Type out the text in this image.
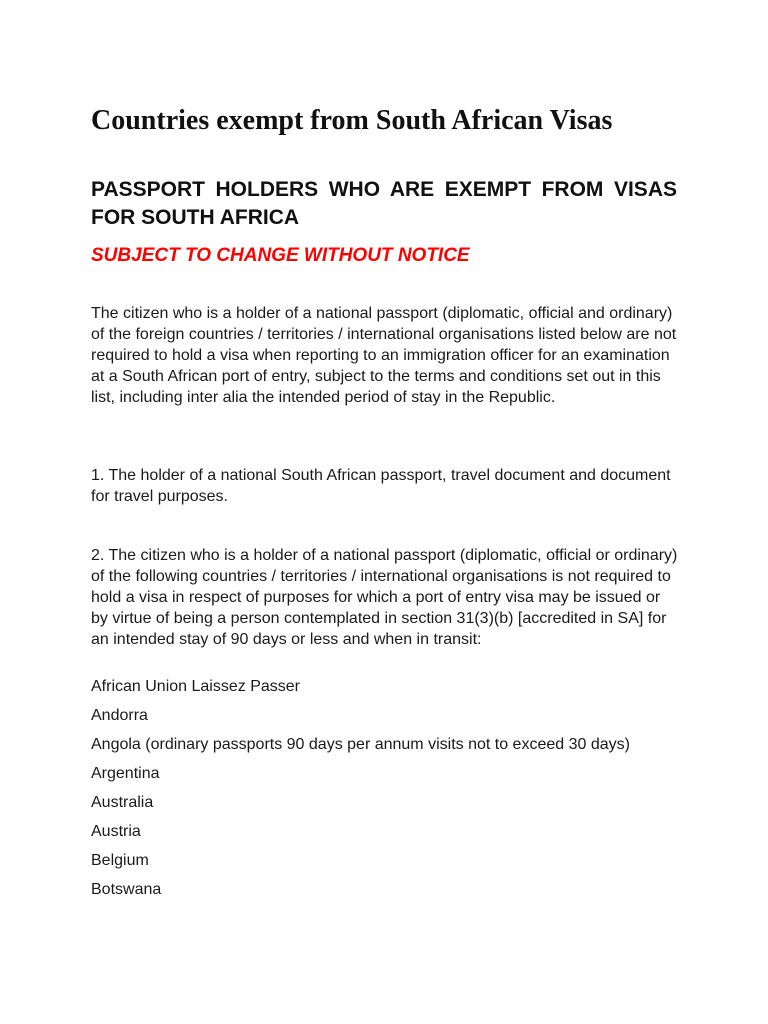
Countries exempt from South African Visas
PASSPORT HOLDERS WHO ARE EXEMPT FROM VISAS FOR SOUTH AFRICA

SUBJECT TO CHANGE WITHOUT NOTICE

The citizen who is a holder of a national passport (diplomatic, official and ordinary) of the foreign countries / territories / international organisations listed below are not required to hold a visa when reporting to an immigration officer for an examination at a South African port of entry, subject to the terms and conditions set out in this list, including inter alia the intended period of stay in the Republic.

1. The holder of a national South African passport, travel document and document for travel purposes.

2. The citizen who is a holder of a national passport (diplomatic, official or ordinary) of the following countries / territories / international organisations is not required to hold a visa in respect of purposes for which a port of entry visa may be issued or by virtue of being a person contemplated in section 31(3)(b) [accredited in SA] for an intended stay of 90 days or less and when in transit:

African Union Laissez Passer
Andorra
Angola (ordinary passports 90 days per annum visits not to exceed 30 days)
Argentina
Australia
Austria
Belgium
Botswana
